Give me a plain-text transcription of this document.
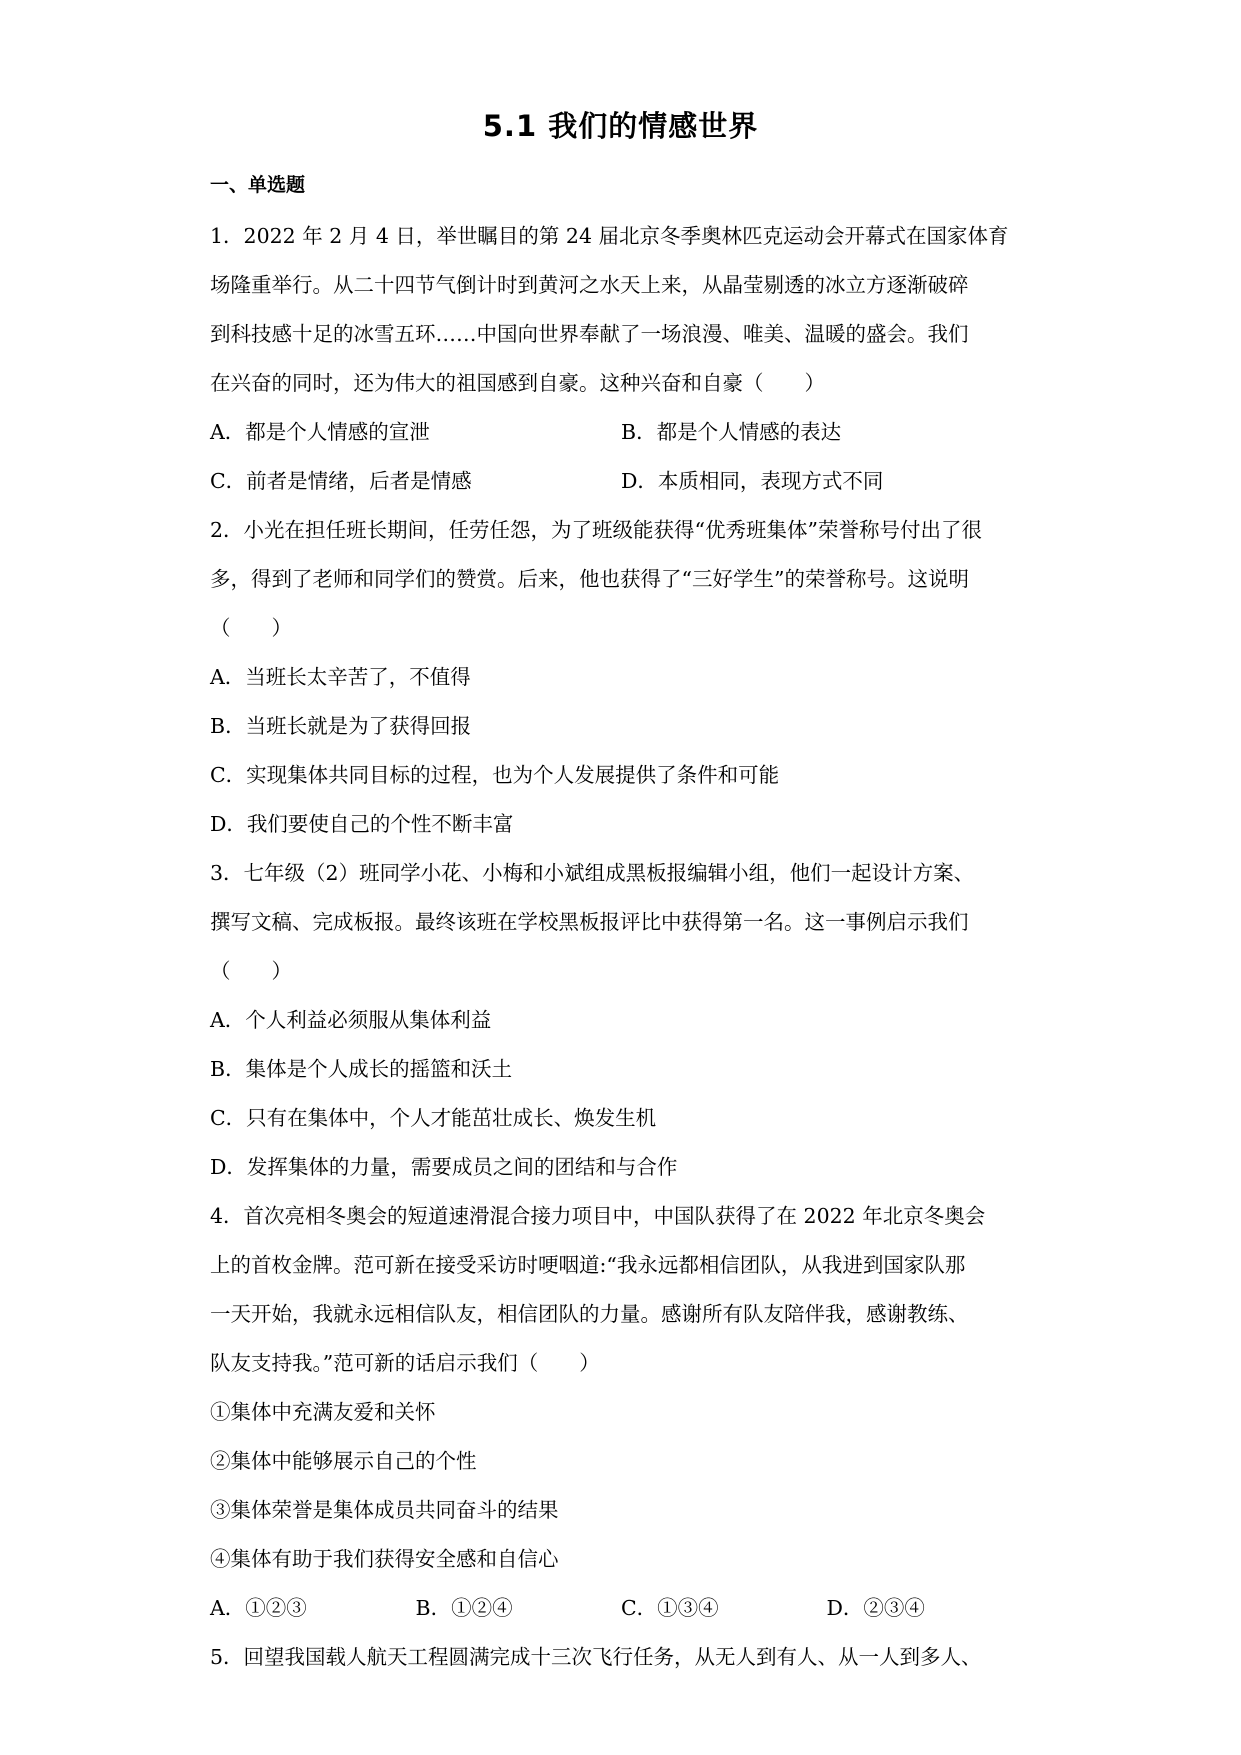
5.1 我们的情感世界
一、单选题
1．2022 年 2 月 4 日，举世瞩目的第 24 届北京冬季奥林匹克运动会开幕式在国家体育
场隆重举行。从二十四节气倒计时到黄河之水天上来，从晶莹剔透的冰立方逐渐破碎
到科技感十足的冰雪五环……中国向世界奉献了一场浪漫、唯美、温暖的盛会。我们
在兴奋的同时，还为伟大的祖国感到自豪。这种兴奋和自豪（　　）
A．都是个人情感的宣泄	B．都是个人情感的表达
C．前者是情绪，后者是情感	D．本质相同，表现方式不同
2．小光在担任班长期间，任劳任怨，为了班级能获得“优秀班集体”荣誉称号付出了很
多，得到了老师和同学们的赞赏。后来，他也获得了“三好学生”的荣誉称号。这说明
（　　）
A．当班长太辛苦了，不值得
B．当班长就是为了获得回报
C．实现集体共同目标的过程，也为个人发展提供了条件和可能
D．我们要使自己的个性不断丰富
3．七年级（2）班同学小花、小梅和小斌组成黑板报编辑小组，他们一起设计方案、
撰写文稿、完成板报。最终该班在学校黑板报评比中获得第一名。这一事例启示我们
（　　）
A．个人利益必须服从集体利益
B．集体是个人成长的摇篮和沃土
C．只有在集体中，个人才能茁壮成长、焕发生机
D．发挥集体的力量，需要成员之间的团结和与合作
4．首次亮相冬奥会的短道速滑混合接力项目中，中国队获得了在 2022 年北京冬奥会
上的首枚金牌。范可新在接受采访时哽咽道:“我永远都相信团队，从我进到国家队那
一天开始，我就永远相信队友，相信团队的力量。感谢所有队友陪伴我，感谢教练、
队友支持我。”范可新的话启示我们（　　）
①集体中充满友爱和关怀
②集体中能够展示自己的个性
③集体荣誉是集体成员共同奋斗的结果
④集体有助于我们获得安全感和自信心
A．①②③	B．①②④	C．①③④	D．②③④
5．回望我国载人航天工程圆满完成十三次飞行任务，从无人到有人、从一人到多人、
